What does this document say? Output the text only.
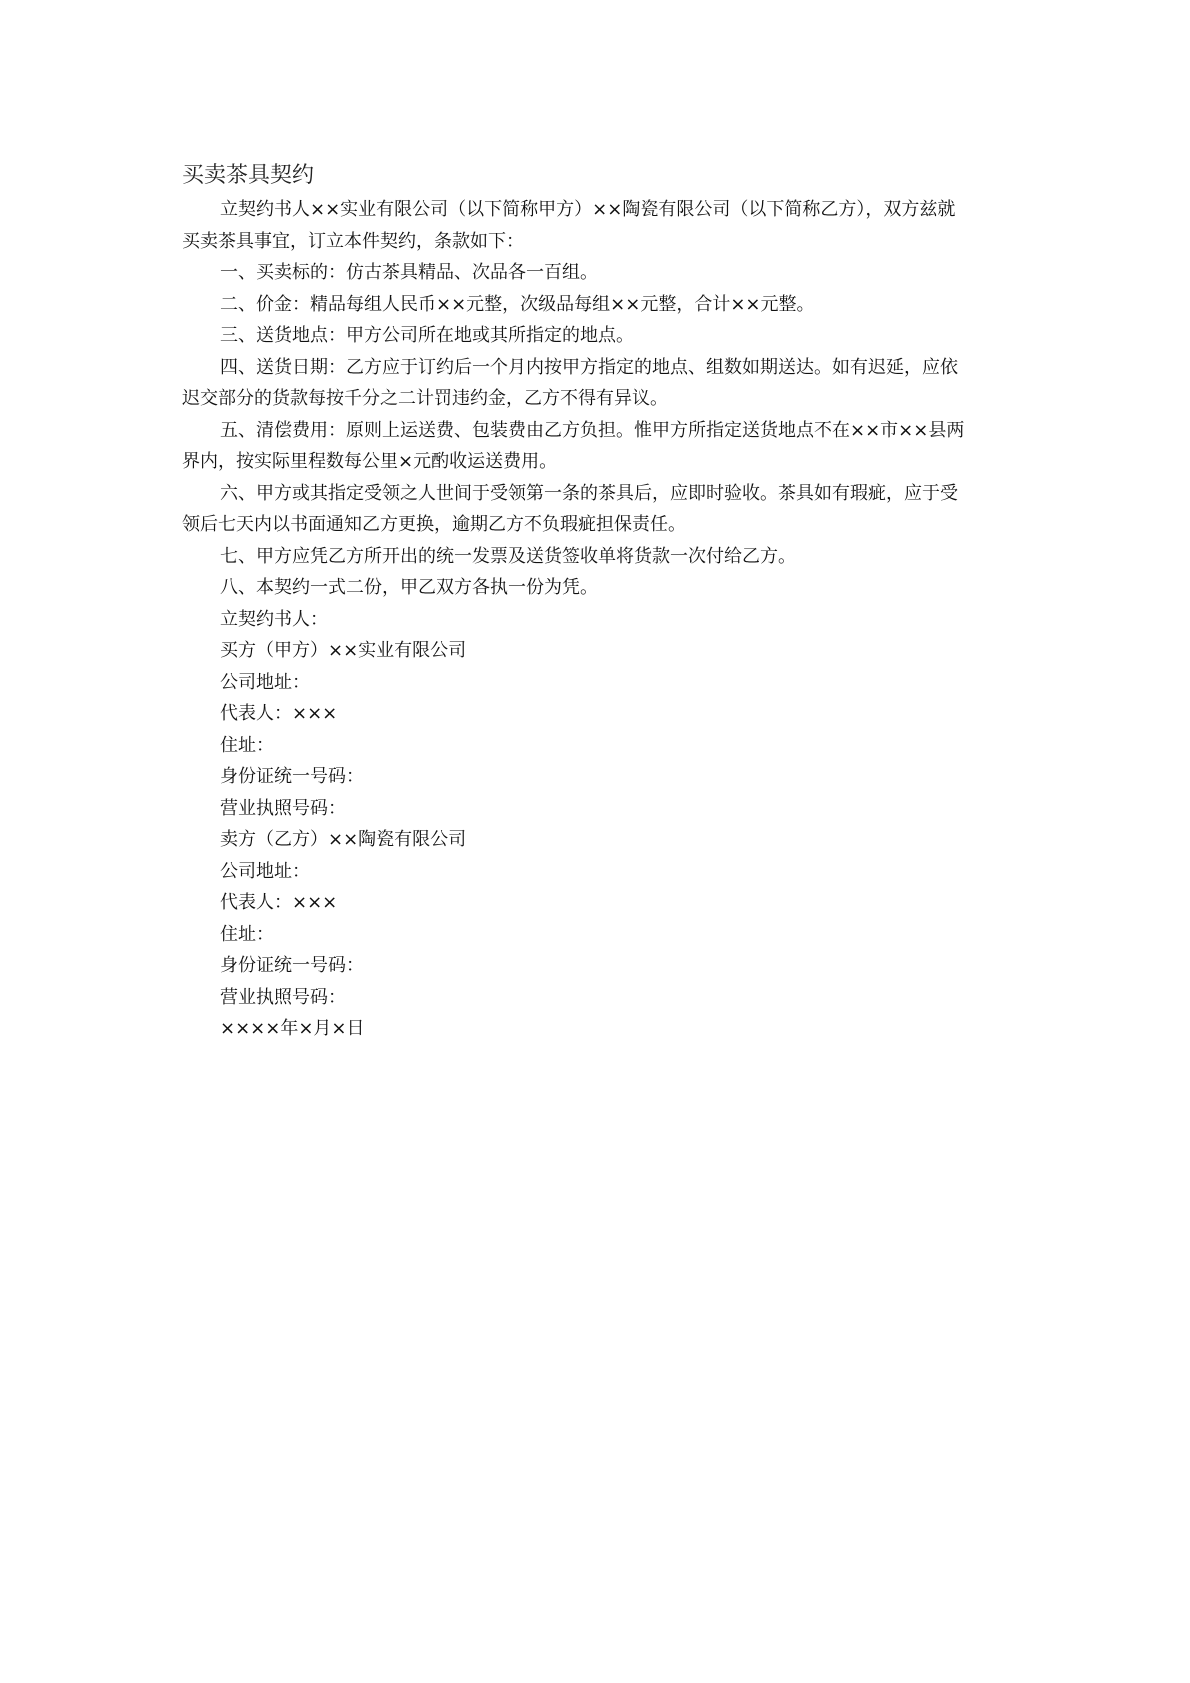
买卖茶具契约

立契约书人××实业有限公司（以下简称甲方）××陶瓷有限公司（以下简称乙方），双方兹就
买卖茶具事宜，订立本件契约，条款如下：

一、买卖标的：仿古茶具精品、次品各一百组。

二、价金：精品每组人民币××元整，次级品每组××元整，合计××元整。

三、送货地点：甲方公司所在地或其所指定的地点。

四、送货日期：乙方应于订约后一个月内按甲方指定的地点、组数如期送达。如有迟延，应依
迟交部分的货款每按千分之二计罚违约金，乙方不得有异议。

五、清偿费用：原则上运送费、包装费由乙方负担。惟甲方所指定送货地点不在××市××县两
界内，按实际里程数每公里×元酌收运送费用。

六、甲方或其指定受领之人世间于受领第一条的茶具后，应即时验收。茶具如有瑕疵，应于受
领后七天内以书面通知乙方更换，逾期乙方不负瑕疵担保责任。

七、甲方应凭乙方所开出的统一发票及送货签收单将货款一次付给乙方。

八、本契约一式二份，甲乙双方各执一份为凭。

立契约书人：

买方（甲方）××实业有限公司

公司地址：

代表人：×××

住址：

身份证统一号码：

营业执照号码：

卖方（乙方）××陶瓷有限公司

公司地址：

代表人：×××

住址：

身份证统一号码：

营业执照号码：

××××年×月×日
